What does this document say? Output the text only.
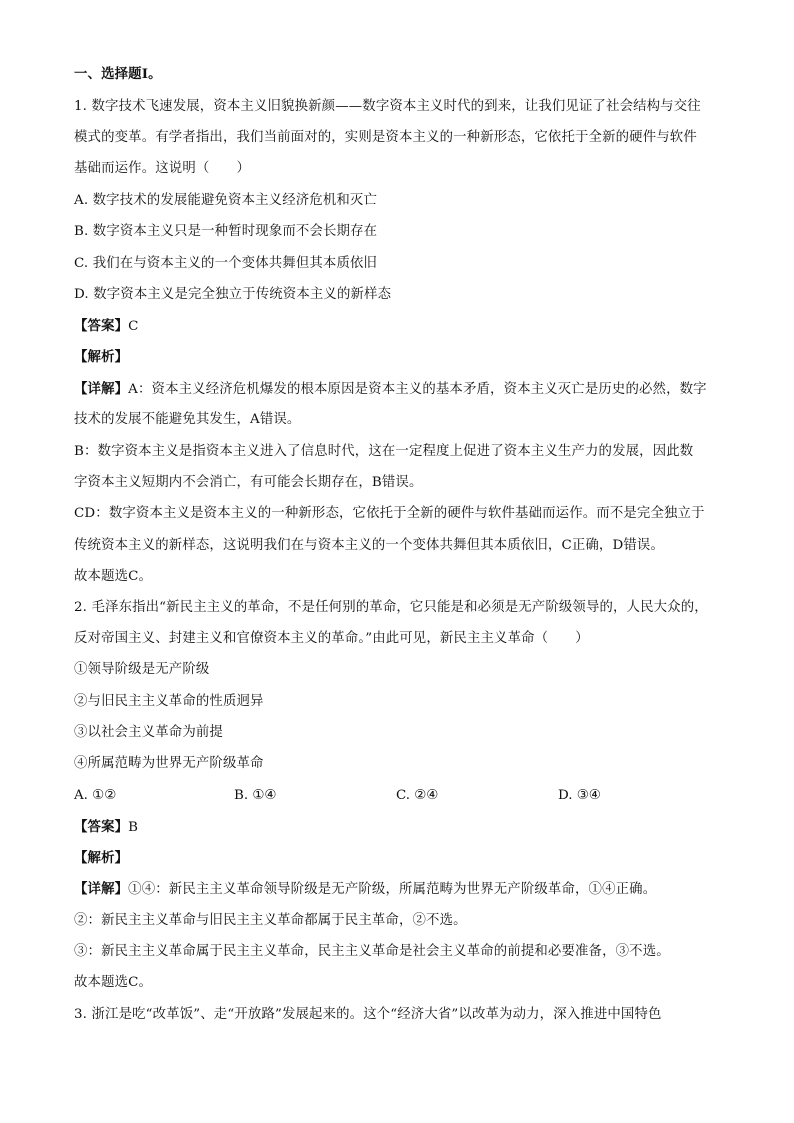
一、选择题Ⅰ。
1. 数字技术飞速发展，资本主义旧貌换新颜——数字资本主义时代的到来，让我们见证了社会结构与交往
模式的变革。有学者指出，我们当前面对的，实则是资本主义的一种新形态，它依托于全新的硬件与软件
基础而运作。这说明（　　）
A. 数字技术的发展能避免资本主义经济危机和灭亡
B. 数字资本主义只是一种暂时现象而不会长期存在
C. 我们在与资本主义的一个变体共舞但其本质依旧
D. 数字资本主义是完全独立于传统资本主义的新样态
【答案】C
【解析】
【详解】A：资本主义经济危机爆发的根本原因是资本主义的基本矛盾，资本主义灭亡是历史的必然，数字
技术的发展不能避免其发生，A错误。
B：数字资本主义是指资本主义进入了信息时代，这在一定程度上促进了资本主义生产力的发展，因此数
字资本主义短期内不会消亡，有可能会长期存在，B错误。
CD：数字资本主义是资本主义的一种新形态，它依托于全新的硬件与软件基础而运作。而不是完全独立于
传统资本主义的新样态，这说明我们在与资本主义的一个变体共舞但其本质依旧，C正确，D错误。
故本题选C。
2. 毛泽东指出“新民主主义的革命，不是任何别的革命，它只能是和必须是无产阶级领导的，人民大众的，
反对帝国主义、封建主义和官僚资本主义的革命。”由此可见，新民主主义革命（　　）
①领导阶级是无产阶级
②与旧民主主义革命的性质迥异
③以社会主义革命为前提
④所属范畴为世界无产阶级革命
A. ①②	B. ①④	C. ②④	D. ③④
【答案】B
【解析】
【详解】①④：新民主主义革命领导阶级是无产阶级，所属范畴为世界无产阶级革命，①④正确。
②：新民主主义革命与旧民主主义革命都属于民主革命，②不选。
③：新民主主义革命属于民主主义革命，民主主义革命是社会主义革命的前提和必要准备，③不选。
故本题选C。
3. 浙江是吃“改革饭”、走“开放路”发展起来的。这个“经济大省”以改革为动力，深入推进中国特色
